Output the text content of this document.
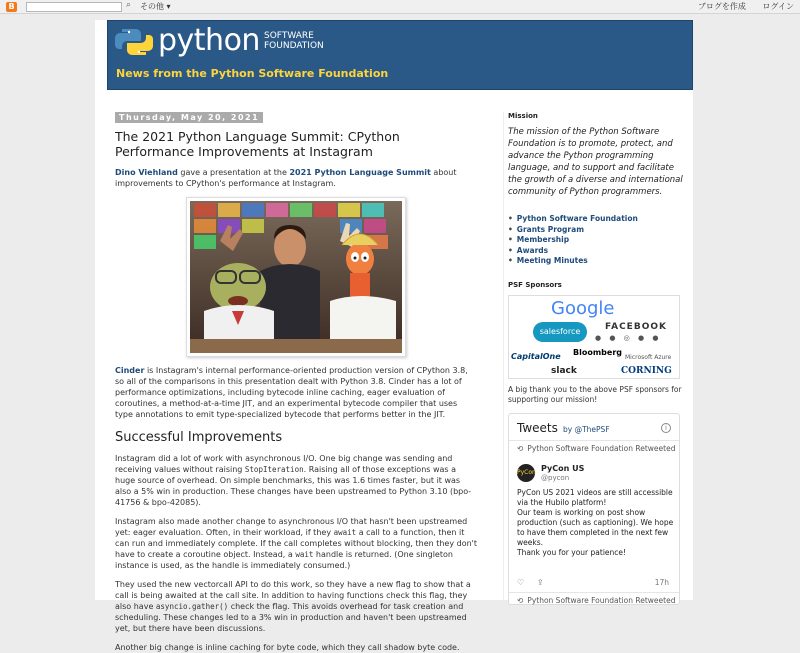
B	⌕ その他 ▾	ブログを作成 ログイン
python SOFTWARE
FOUNDATION
News from the Python Software Foundation
Thursday, May 20, 2021
The 2021 Python Language Summit: CPython Performance Improvements at Instagram
Dino Viehland gave a presentation at the 2021 Python Language Summit about improvements to CPython's performance at Instagram.
Cinder is Instagram's internal performance-oriented production version of CPython 3.8, so all of the comparisons in this presentation dealt with Python 3.8. Cinder has a lot of performance optimizations, including bytecode inline caching, eager evaluation of coroutines, a method-at-a-time JIT, and an experimental bytecode compiler that uses type annotations to emit type-specialized bytecode that performs better in the JIT.
Successful Improvements
Instagram did a lot of work with asynchronous I/O. One big change was sending and receiving values without raising StopIteration. Raising all of those exceptions was a huge source of overhead. On simple benchmarks, this was 1.6 times faster, but it was also a 5% win in production. These changes have been upstreamed to Python 3.10 (bpo-41756 & bpo-42085).
Instagram also made another change to asynchronous I/O that hasn't been upstreamed yet: eager evaluation. Often, in their workload, if they await a call to a function, then it can run and immediately complete. If the call completes without blocking, then they don't have to create a coroutine object. Instead, a wait handle is returned. (One singleton instance is used, as the handle is immediately consumed.)
They used the new vectorcall API to do this work, so they have a new flag to show that a call is being awaited at the call site. In addition to having functions check this flag, they also have asyncio.gather() check the flag. This avoids overhead for task creation and scheduling. These changes led to a 3% win in production and haven't been upstreamed yet, but there have been discussions.
Another big change is inline caching for byte code, which they call shadow byte code.
Mission
The mission of the Python Software Foundation is to promote, protect, and advance the Python programming language, and to support and facilitate the growth of a diverse and international community of Python programmers.
• Python Software Foundation
• Grants Program
• Membership
• Awards
• Meeting Minutes
PSF Sponsors
Google
FACEBOOK
● ● ◎ ● ●
salesforce
CapitalOne Bloomberg
Microsoft Azure
slack	CORNING
A big thank you to the above PSF sponsors for supporting our mission!
Tweets by @ThePSF	i
⟲ Python Software Foundation Retweeted
PyCon PyCon US
@pycon
PyCon US 2021 videos are still accessible via the Hubilo platform!
Our team is working on post show production (such as captioning). We hope to have them completed in the next few weeks.
Thank you for your patience!
♡ ⇪	17h
⟲ Python Software Foundation Retweeted
